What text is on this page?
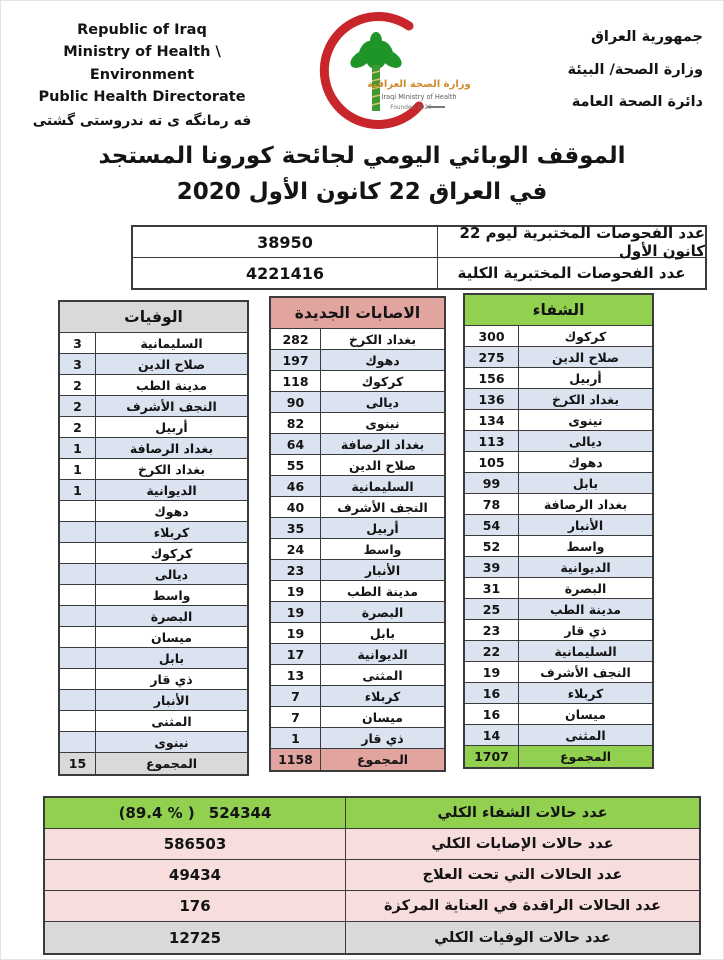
Republic of Iraq
Ministry of Health \ Environment
Public Health Directorate
فه رمانگه ی ته ندروستی گشتی
وزارة الصحة العراقية
Iraqi Ministry of Health
Founded 1920
جمهورية العراق
وزارة الصحة/ البيئة
دائرة الصحة العامة
الموقف الوبائي اليومي لجائحة كورونا المستجد
في العراق 22 كانون الأول 2020
38950	عدد الفحوصات المختبرية ليوم 22 كانون الأول
4221416	عدد الفحوصات المختبرية الكلية
الوفيات
3	السليمانية
3	صلاح الدين
2	مدينة الطب
2	النجف الأشرف
2	أربيل
1	بغداد الرصافة
1	بغداد الكرخ
1	الديوانية
دهوك
كربلاء
كركوك
ديالى
واسط
البصرة
ميسان
بابل
ذي قار
الأنبار
المثنى
نينوى
15	المجموع
الاصابات الجديدة
282	بغداد الكرخ
197	دهوك
118	كركوك
90	ديالى
82	نينوى
64	بغداد الرصافة
55	صلاح الدين
46	السليمانية
40	النجف الأشرف
35	أربيل
24	واسط
23	الأنبار
19	مدينة الطب
19	البصرة
19	بابل
17	الديوانية
13	المثنى
7	كربلاء
7	ميسان
1	ذي قار
1158	المجموع
الشفاء
300	كركوك
275	صلاح الدين
156	أربيل
136	بغداد الكرخ
134	نينوى
113	ديالى
105	دهوك
99	بابل
78	بغداد الرصافة
54	الأنبار
52	واسط
39	الديوانية
31	البصرة
25	مدينة الطب
23	ذي قار
22	السليمانية
19	النجف الأشرف
16	كربلاء
16	ميسان
14	المثنى
1707	المجموع
(89.4 % ) 524344	عدد حالات الشفاء الكلي
586503	عدد حالات الإصابات الكلي
49434	عدد الحالات التي تحت العلاج
176	عدد الحالات الراقدة في العناية المركزة
12725	عدد حالات الوفيات الكلي
